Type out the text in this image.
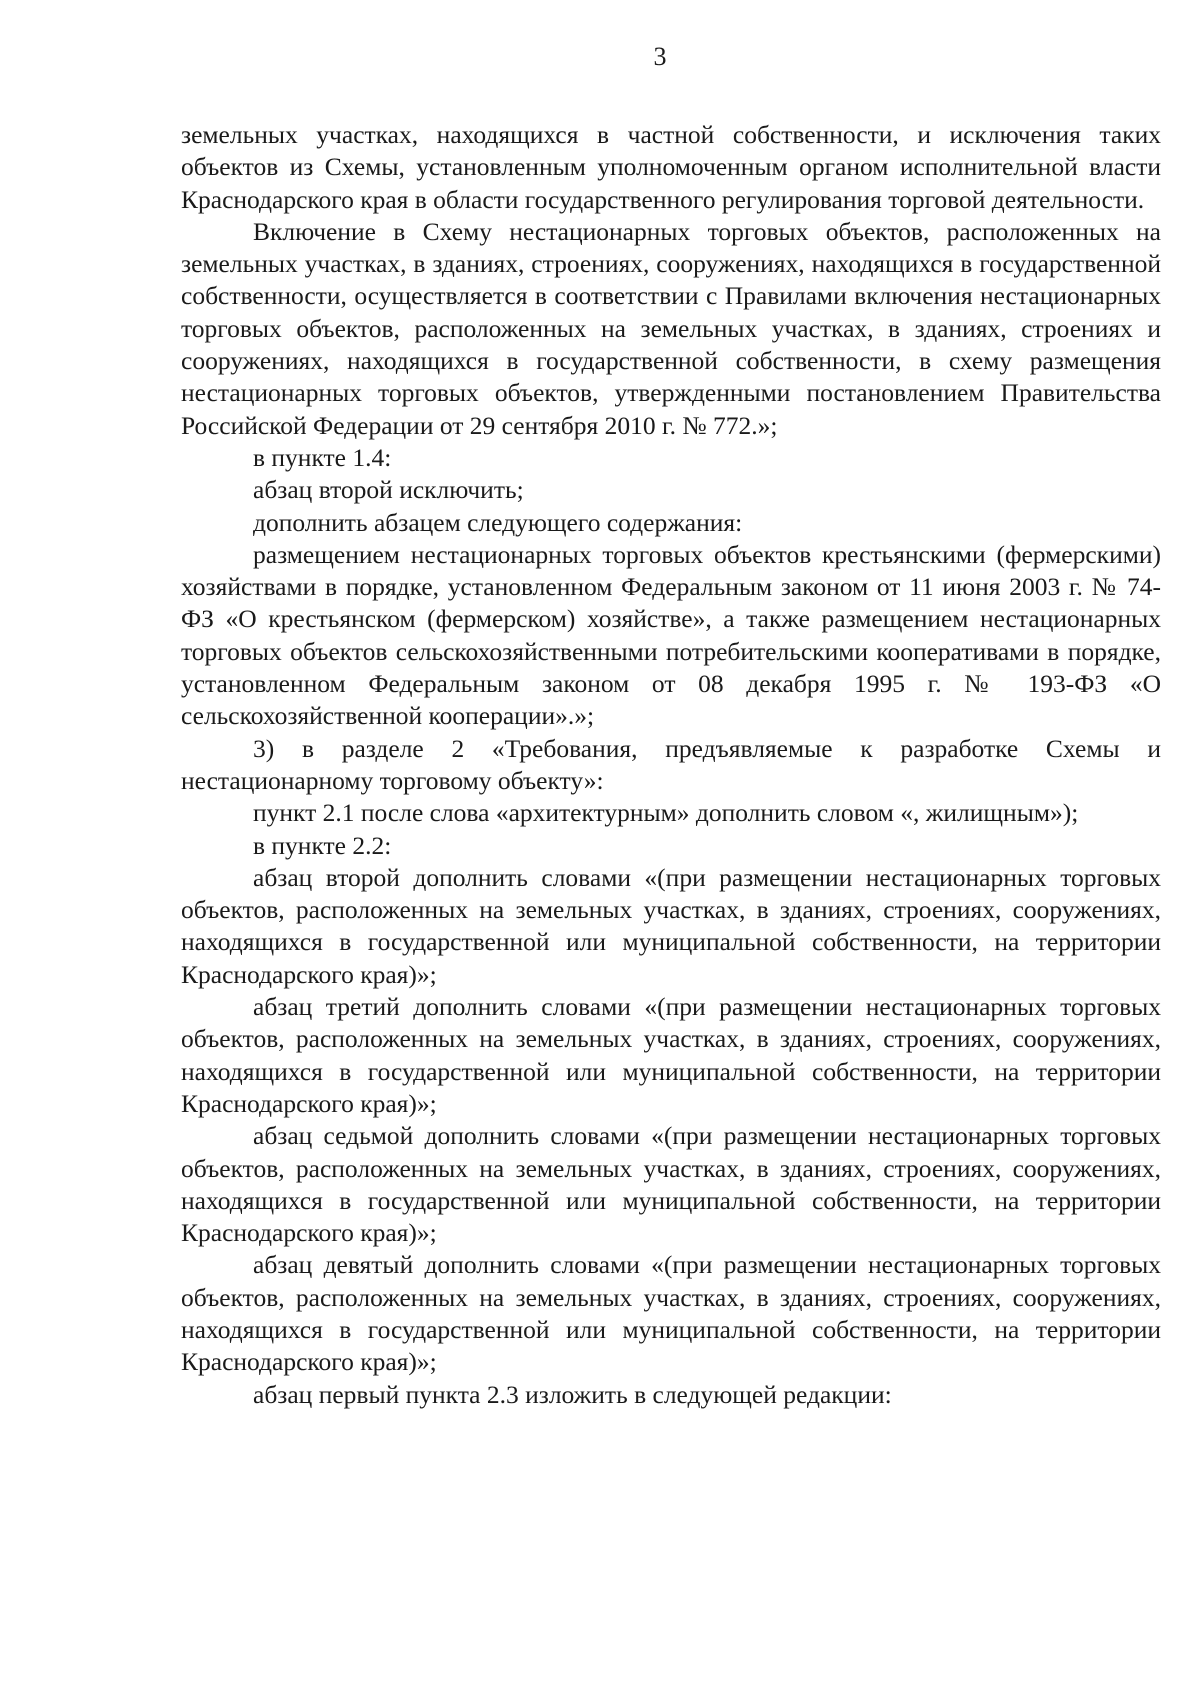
3

земельных участках, находящихся в частной собственности, и исключения таких объектов из Схемы, установленным уполномоченным органом исполнительной власти Краснодарского края в области государственного регулирования торговой деятельности.

Включение в Схему нестационарных торговых объектов, расположенных на земельных участках, в зданиях, строениях, сооружениях, находящихся в государственной собственности, осуществляется в соответствии с Правилами включения нестационарных торговых объектов, расположенных на земельных участках, в зданиях, строениях и сооружениях, находящихся в государственной собственности, в схему размещения нестационарных торговых объектов, утвержденными постановлением Правительства Российской Федерации от 29 сентября 2010 г. № 772.»;

в пункте 1.4:

абзац второй исключить;

дополнить абзацем следующего содержания:

размещением нестационарных торговых объектов крестьянскими (фермерскими) хозяйствами в порядке, установленном Федеральным законом от 11 июня 2003 г. № 74-ФЗ «О крестьянском (фермерском) хозяйстве», а также размещением нестационарных торговых объектов сельскохозяйственными потребительскими кооперативами в порядке, установленном Федеральным законом от 08 декабря 1995 г. № 193-ФЗ «О сельскохозяйственной кооперации».»;

3) в разделе 2 «Требования, предъявляемые к разработке Схемы и нестационарному торговому объекту»:

пункт 2.1 после слова «архитектурным» дополнить словом «, жилищным»);

в пункте 2.2:

абзац второй дополнить словами «(при размещении нестационарных торговых объектов, расположенных на земельных участках, в зданиях, строениях, сооружениях, находящихся в государственной или муниципальной собственности, на территории Краснодарского края)»;

абзац третий дополнить словами «(при размещении нестационарных торговых объектов, расположенных на земельных участках, в зданиях, строениях, сооружениях, находящихся в государственной или муниципальной собственности, на территории Краснодарского края)»;

абзац седьмой дополнить словами «(при размещении нестационарных торговых объектов, расположенных на земельных участках, в зданиях, строениях, сооружениях, находящихся в государственной или муниципальной собственности, на территории Краснодарского края)»;

абзац девятый дополнить словами «(при размещении нестационарных торговых объектов, расположенных на земельных участках, в зданиях, строениях, сооружениях, находящихся в государственной или муниципальной собственности, на территории Краснодарского края)»;

абзац первый пункта 2.3 изложить в следующей редакции:
